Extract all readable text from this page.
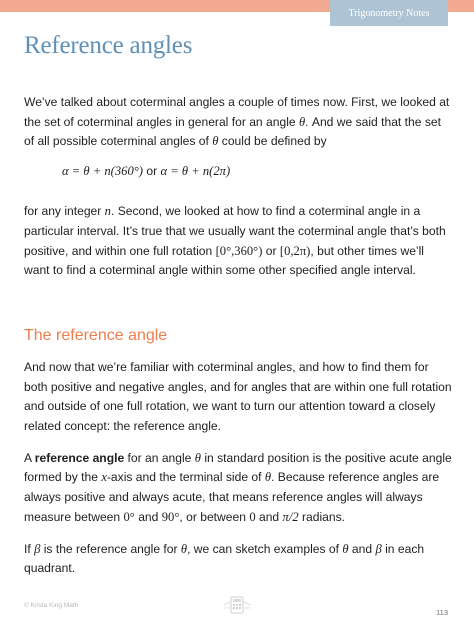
Trigonometry Notes
Reference angles

We’ve talked about coterminal angles a couple of times now. First, we looked at the set of coterminal angles in general for an angle θ. And we said that the set of all possible coterminal angles of θ could be defined by

for any integer n. Second, we looked at how to find a coterminal angle in a particular interval. It’s true that we usually want the coterminal angle that’s both positive, and within one full rotation [0°,360°) or [0,2π), but other times we’ll want to find a coterminal angle within some other specified angle interval.

And now that we’re familiar with coterminal angles, and how to find them for both positive and negative angles, and for angles that are within one full rotation and outside of one full rotation, we want to turn our attention toward a closely related concept: the reference angle.

A reference angle for an angle θ in standard position is the positive acute angle formed by the x-axis and the terminal side of θ. Because reference angles are always positive and always acute, that means reference angles will always measure between 0° and 90°, or between 0 and π/2 radians.

If β is the reference angle for θ, we can sketch examples of θ and β in each quadrant.

α = θ + n(360°) or α = θ + n(2π)
The reference angle
© Krista King Math
113
